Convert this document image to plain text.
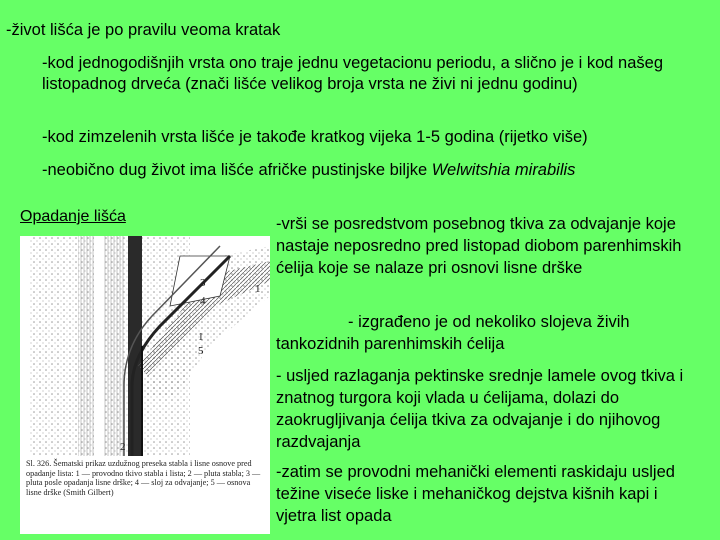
-život lišća je po pravilu veoma kratak
-kod jednogodišnjih vrsta ono traje jednu vegetacionu periodu, a slično je i kod našeg listopadnog drveća (znači lišće velikog broja vrsta ne živi ni jednu godinu)
-kod zimzelenih vrsta lišće je takođe kratkog vijeka 1-5 godina (rijetko više)
-neobično dug život ima lišće afričke pustinjske biljke Welwitshia mirabilis
Opadanje lišća
3
4
1
5
1
2
Sl. 326. Šematski prikaz uzdužnog preseka stabla i lisne osnove pred opadanje lista: 1 — provodno tkivo stabla i lista; 2 — pluta stabla; 3 — pluta posle opadanja lisne drške; 4 — sloj za odvajanje; 5 — osnova lisne drške (Smith Gilbert)
-vrši se posredstvom posebnog tkiva za odvajanje koje nastaje neposredno pred listopad diobom parenhimskih ćelija koje se nalaze pri osnovi lisne drške
- izgrađeno je od nekoliko slojeva živih tankozidnih parenhimskih ćelija
- usljed razlaganja pektinske srednje lamele ovog tkiva i znatnog turgora koji vlada u ćelijama, dolazi do zaokrugljivanja ćelija tkiva za odvajanje i do njihovog razdvajanja
-zatim se provodni mehanički elementi raskidaju usljed težine viseće liske i mehaničkog dejstva kišnih kapi i vjetra list opada
